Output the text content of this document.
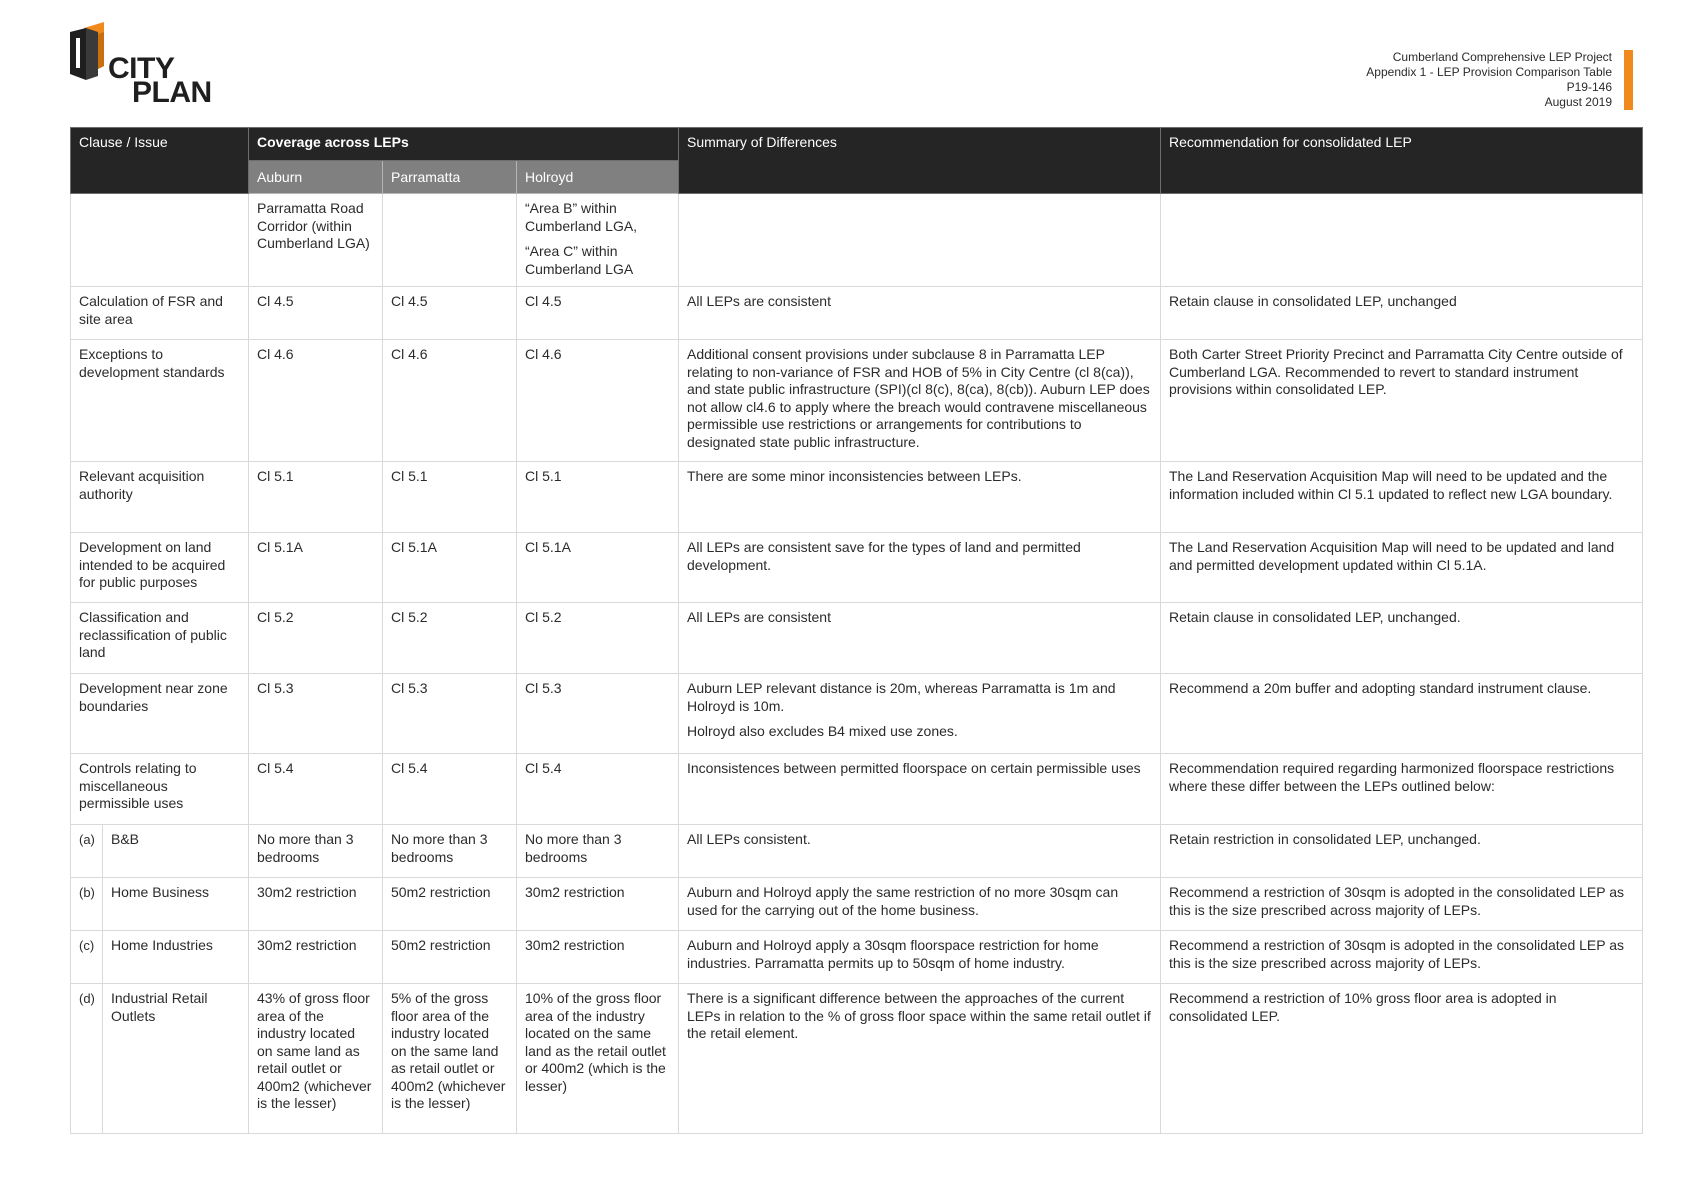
CITY
PLAN
Cumberland Comprehensive LEP Project
Appendix 1 - LEP Provision Comparison Table
P19-146
August 2019
Clause / Issue		Coverage across LEPs			Summary of Differences	Recommendation for consolidated LEP
		Auburn	Parramatta	Holroyd		
		Parramatta Road Corridor (within Cumberland LGA)		“Area B” within Cumberland LGA,
“Area C” within Cumberland LGA		

Calculation of FSR and site area		Cl 4.5	Cl 4.5	Cl 4.5	All LEPs are consistent	Retain clause in consolidated LEP, unchanged
Exceptions to development standards		Cl 4.6	Cl 4.6	Cl 4.6	Additional consent provisions under subclause 8 in Parramatta LEP relating to non-variance of FSR and HOB of 5% in City Centre (cl 8(ca)), and state public infrastructure (SPI)(cl 8(c), 8(ca), 8(cb)). Auburn LEP does not allow cl4.6 to apply where the breach would contravene miscellaneous permissible use restrictions or arrangements for contributions to designated state public infrastructure.	Both Carter Street Priority Precinct and Parramatta City Centre outside of Cumberland LGA. Recommended to revert to standard instrument provisions within consolidated LEP.
Relevant acquisition authority		Cl 5.1	Cl 5.1	Cl 5.1	There are some minor inconsistencies between LEPs.	The Land Reservation Acquisition Map will need to be updated and the information included within Cl 5.1 updated to reflect new LGA boundary.
Development on land intended to be acquired for public purposes		Cl 5.1A	Cl 5.1A	Cl 5.1A	All LEPs are consistent save for the types of land and permitted development.	The Land Reservation Acquisition Map will need to be updated and land and permitted development updated within Cl 5.1A.
Classification and reclassification of public land		Cl 5.2	Cl 5.2	Cl 5.2	All LEPs are consistent	Retain clause in consolidated LEP, unchanged.
Development near zone boundaries		Cl 5.3	Cl 5.3	Cl 5.3	Auburn LEP relevant distance is 20m, whereas Parramatta is 1m and Holroyd is 10m.
Holroyd also excludes B4 mixed use zones.	Recommend a 20m buffer and adopting standard instrument clause.
Controls relating to miscellaneous permissible uses		Cl 5.4	Cl 5.4	Cl 5.4	Inconsistences between permitted floorspace on certain permissible uses	Recommendation required regarding harmonized floorspace restrictions where these differ between the LEPs outlined below:
(a)	B&B	No more than 3 bedrooms	No more than 3 bedrooms	No more than 3 bedrooms	All LEPs consistent.	Retain restriction in consolidated LEP, unchanged.
(b)	Home Business	30m2 restriction	50m2 restriction	30m2 restriction	Auburn and Holroyd apply the same restriction of no more 30sqm can used for the carrying out of the home business.	Recommend a restriction of 30sqm is adopted in the consolidated LEP as this is the size prescribed across majority of LEPs.
(c)	Home Industries	30m2 restriction	50m2 restriction	30m2 restriction	Auburn and Holroyd apply a 30sqm floorspace restriction for home industries. Parramatta permits up to 50sqm of home industry.	Recommend a restriction of 30sqm is adopted in the consolidated LEP as this is the size prescribed across majority of LEPs.
(d)	Industrial Retail Outlets	43% of gross floor area of the industry located on same land as retail outlet or 400m2 (whichever is the lesser)	5% of the gross floor area of the industry located on the same land as retail outlet or 400m2 (whichever is the lesser)	10% of the gross floor area of the industry located on the same land as the retail outlet or 400m2 (which is the lesser)	There is a significant difference between the approaches of the current LEPs in relation to the % of gross floor space within the same retail outlet if the retail element.	Recommend a restriction of 10% gross floor area is adopted in consolidated LEP.
